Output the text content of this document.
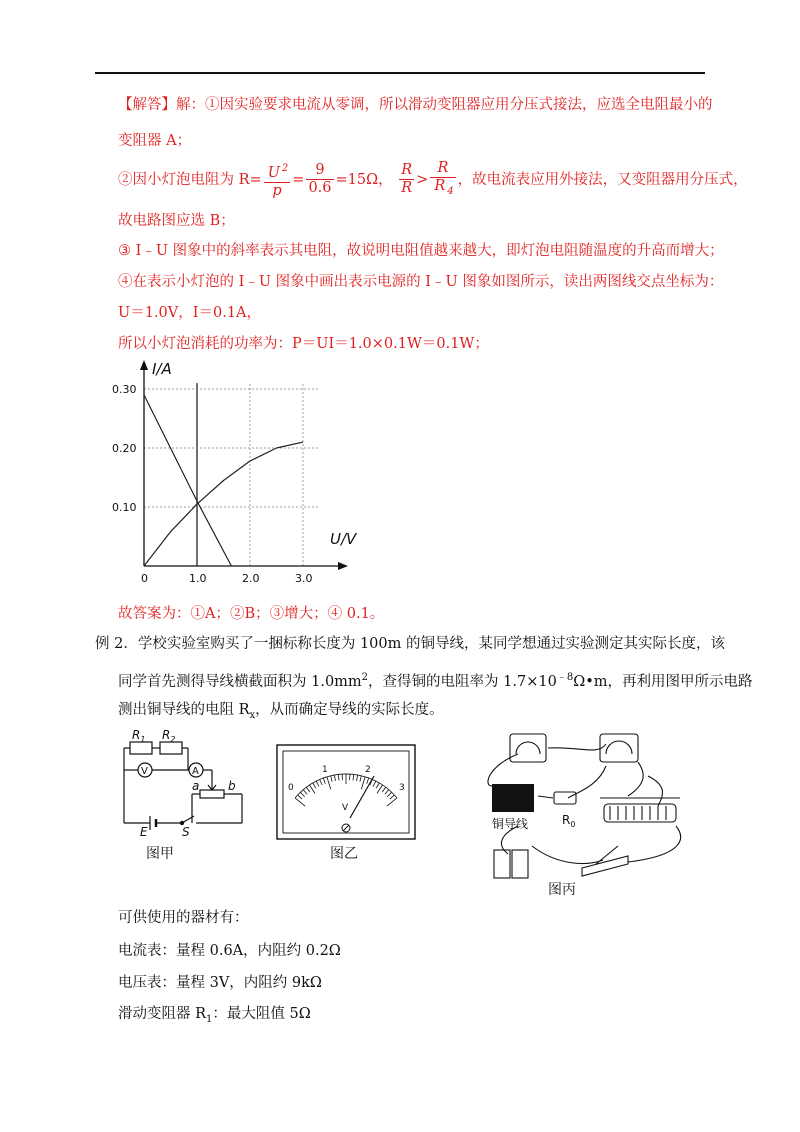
【解答】解：①因实验要求电流从零调，所以滑动变阻器应用分压式接法，应选全电阻最小的
变阻器 A；
②因小灯泡电阻为 $R= \frac{U ^2}{p} = \frac{9}{0.6} =15\Omega$， $\frac{R}{R} > \frac{R}{R _4}$ ，故电流表应用外接法，又变阻器用分压式，
故电路图应选 B；
③ I﹣U 图象中的斜率表示其电阻，故说明电阻值越来越大，即灯泡电阻随温度的升高而增大；
④在表示小灯泡的 I﹣U 图象中画出表示电源的 I﹣U 图象如图所示，读出两图线交点坐标为：
U＝1.0V，I＝0.1A，
所以小灯泡消耗的功率为：P＝UI＝1.0×0.1W＝0.1W；
0	1.0	2.0	3.0
0.10
0.20
0.30
I/A
U/V
故答案为：①A；②B；③增大；④ 0.1。
例 2．学校实验室购买了一捆标称长度为 100m 的铜导线，某同学想通过实验测定其实际长度，该
同学首先测得导线横截面积为 $1.0mm^2$，查得铜的电阻率为 $1.7\times 10^{﹣8}\Omega•m$，再利用图甲所示电路
测出铜导线的电阻 $R_x$，从而确定导线的实际长度。
$R_1$ $R_2$
V	A
a b
E	S
图甲
0
1	2
3
V
图乙
铜导线	$R_0$
图丙
可供使用的器材有：
电流表：量程 0.6A，内阻约 0.2Ω
电压表：量程 3V，内阻约 9kΩ
滑动变阻器 $R_1$：最大阻值 5Ω
